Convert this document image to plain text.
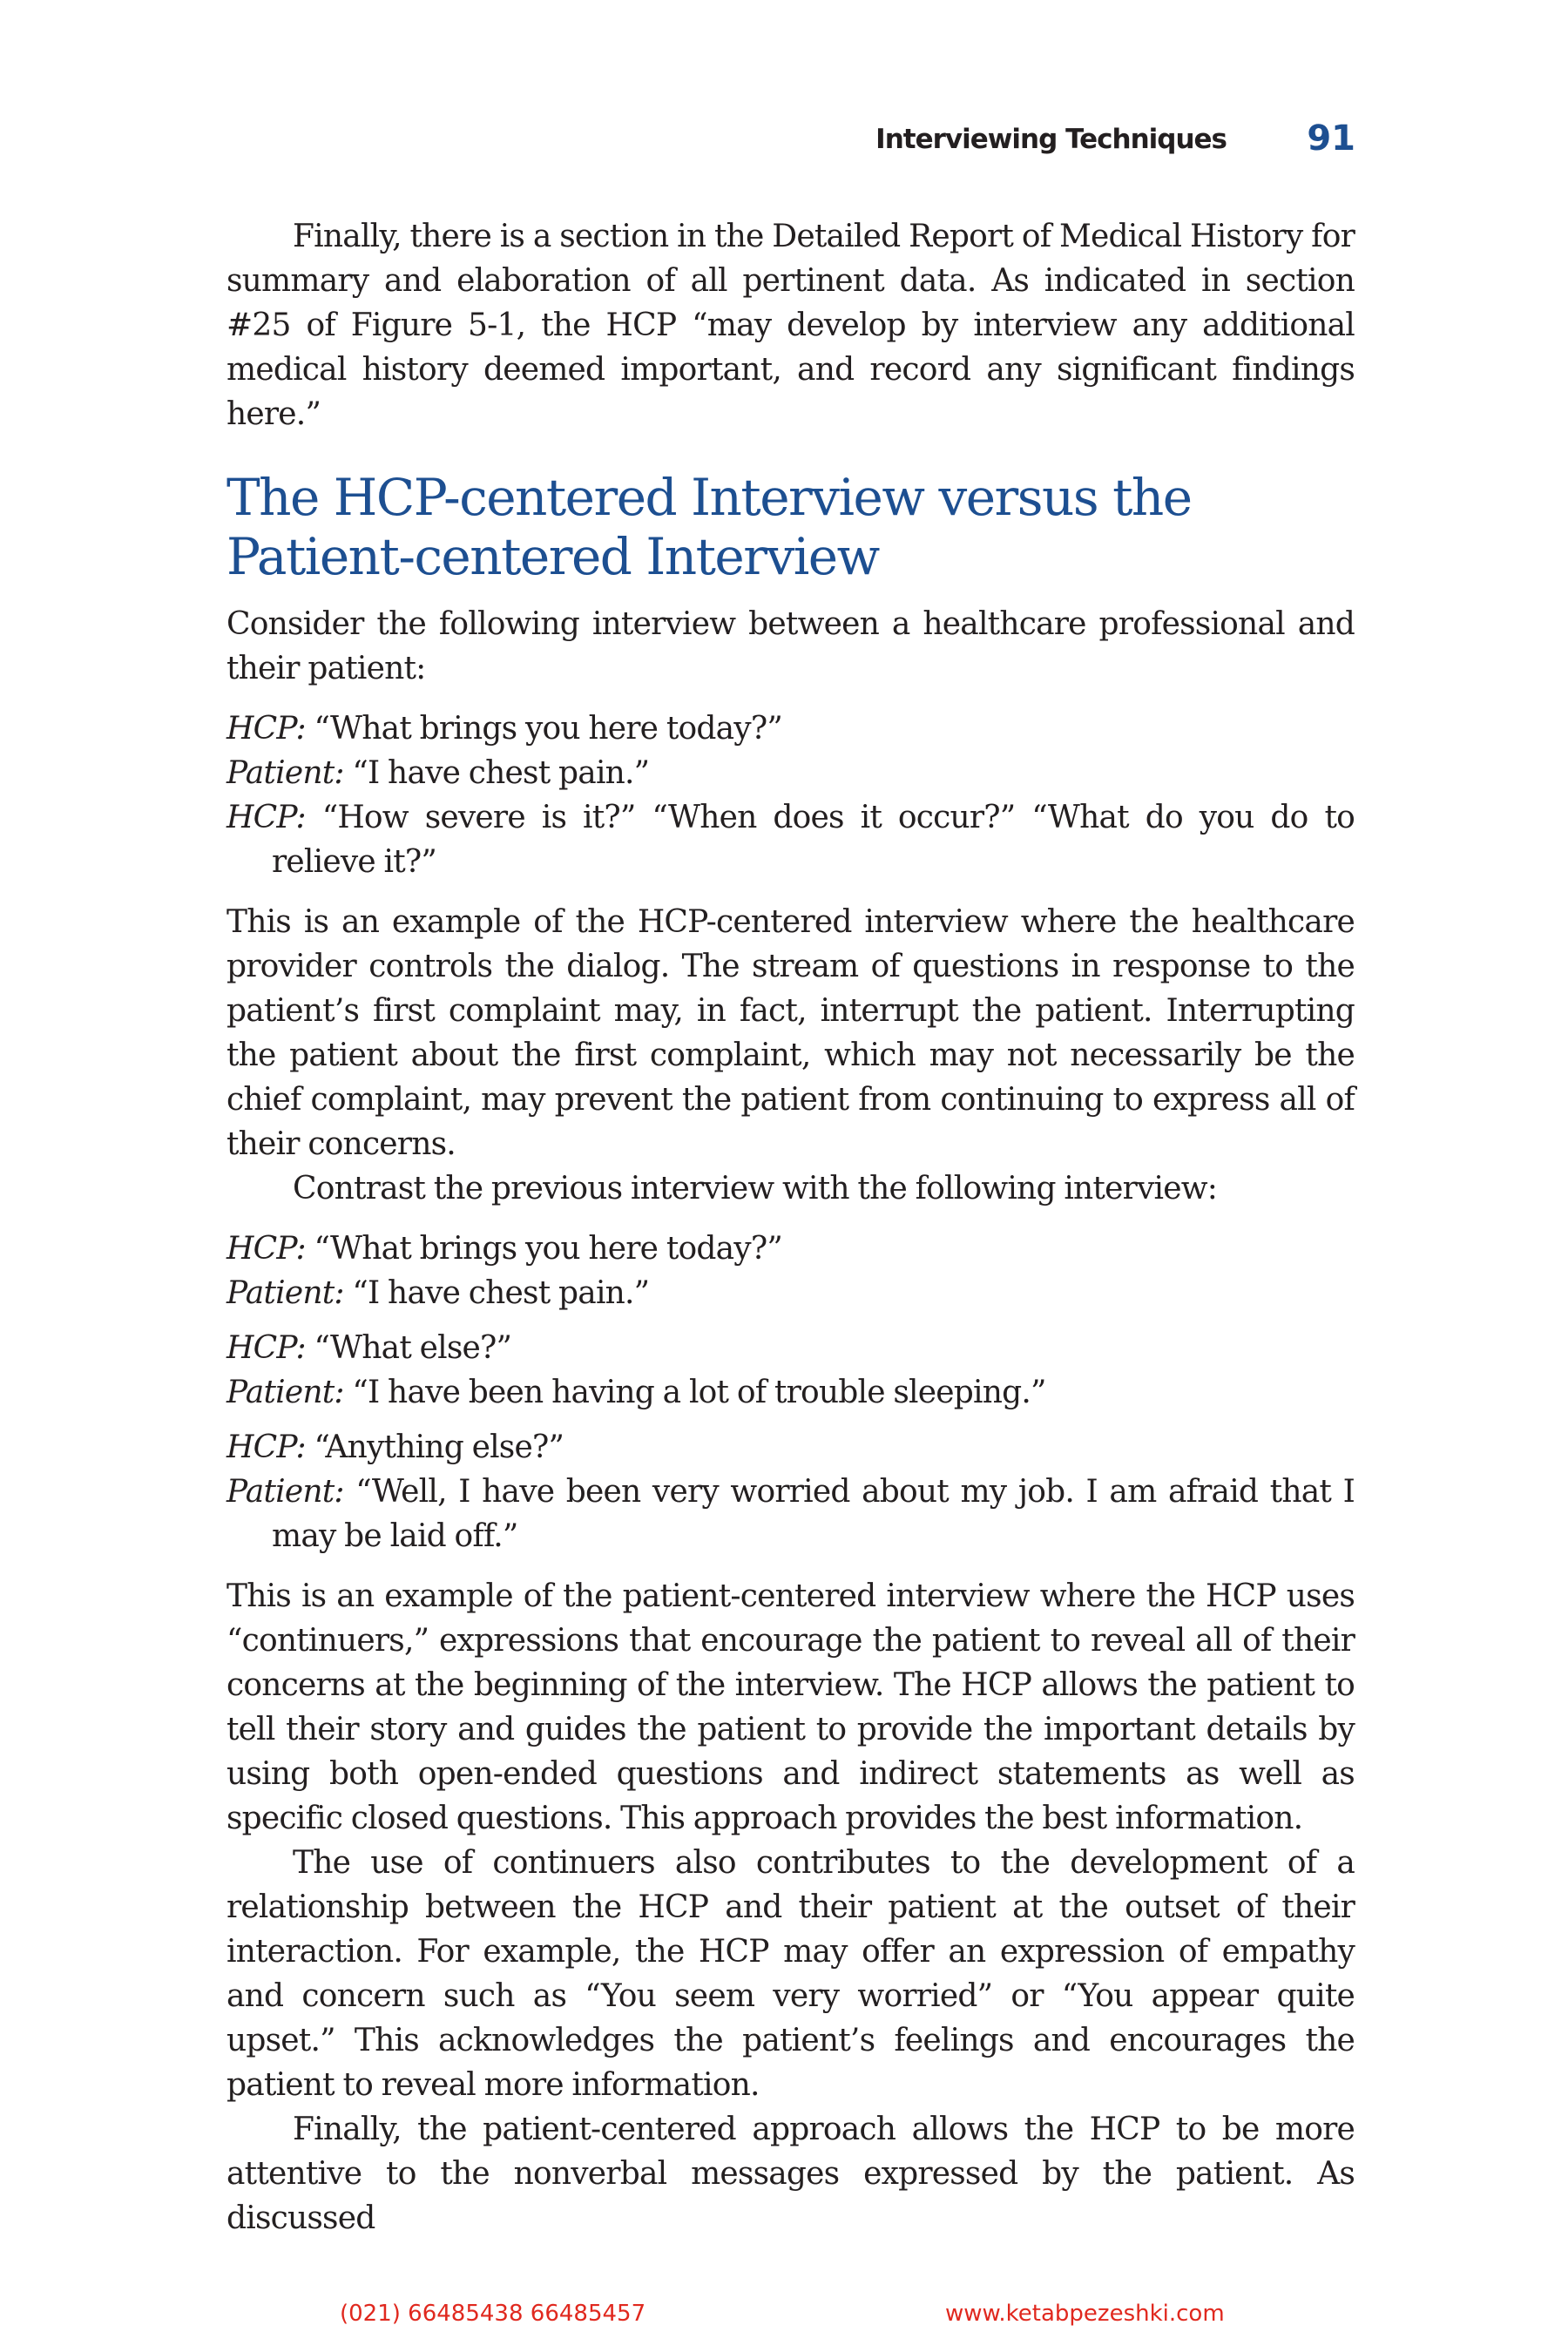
Interviewing Techniques 91

Finally, there is a section in the Detailed Report of Medical History for summary and elaboration of all pertinent data. As indicated in section #25 of Figure 5-1, the HCP “may develop by interview any additional medical history deemed important, and record any significant findings here.”

The HCP-centered Interview versus the Patient-centered Interview

Consider the following interview between a healthcare professional and their patient:

HCP: “What brings you here today?”

Patient: “I have chest pain.”

HCP: “How severe is it?” “When does it occur?” “What do you do to relieve it?”

This is an example of the HCP-centered interview where the healthcare provider controls the dialog. The stream of questions in response to the patient’s first complaint may, in fact, interrupt the patient. Interrupting the patient about the first complaint, which may not necessarily be the chief complaint, may prevent the patient from continuing to express all of their concerns.

Contrast the previous interview with the following interview:

HCP: “What brings you here today?”

Patient: “I have chest pain.”

HCP: “What else?”

Patient: “I have been having a lot of trouble sleeping.”

HCP: “Anything else?”

Patient: “Well, I have been very worried about my job. I am afraid that I may be laid off.”

This is an example of the patient-centered interview where the HCP uses “continuers,” expressions that encourage the patient to reveal all of their concerns at the beginning of the interview. The HCP allows the patient to tell their story and guides the patient to provide the important details by using both open-ended questions and indirect statements as well as specific closed questions. This approach provides the best information.

The use of continuers also contributes to the development of a relationship between the HCP and their patient at the outset of their interaction. For example, the HCP may offer an expression of empathy and concern such as “You seem very worried” or “You appear quite upset.” This acknowledges the patient’s feelings and encourages the patient to reveal more information.

Finally, the patient-centered approach allows the HCP to be more attentive to the nonverbal messages expressed by the patient. As discussed

(021) 66485438 66485457	www.ketabpezeshki.com
